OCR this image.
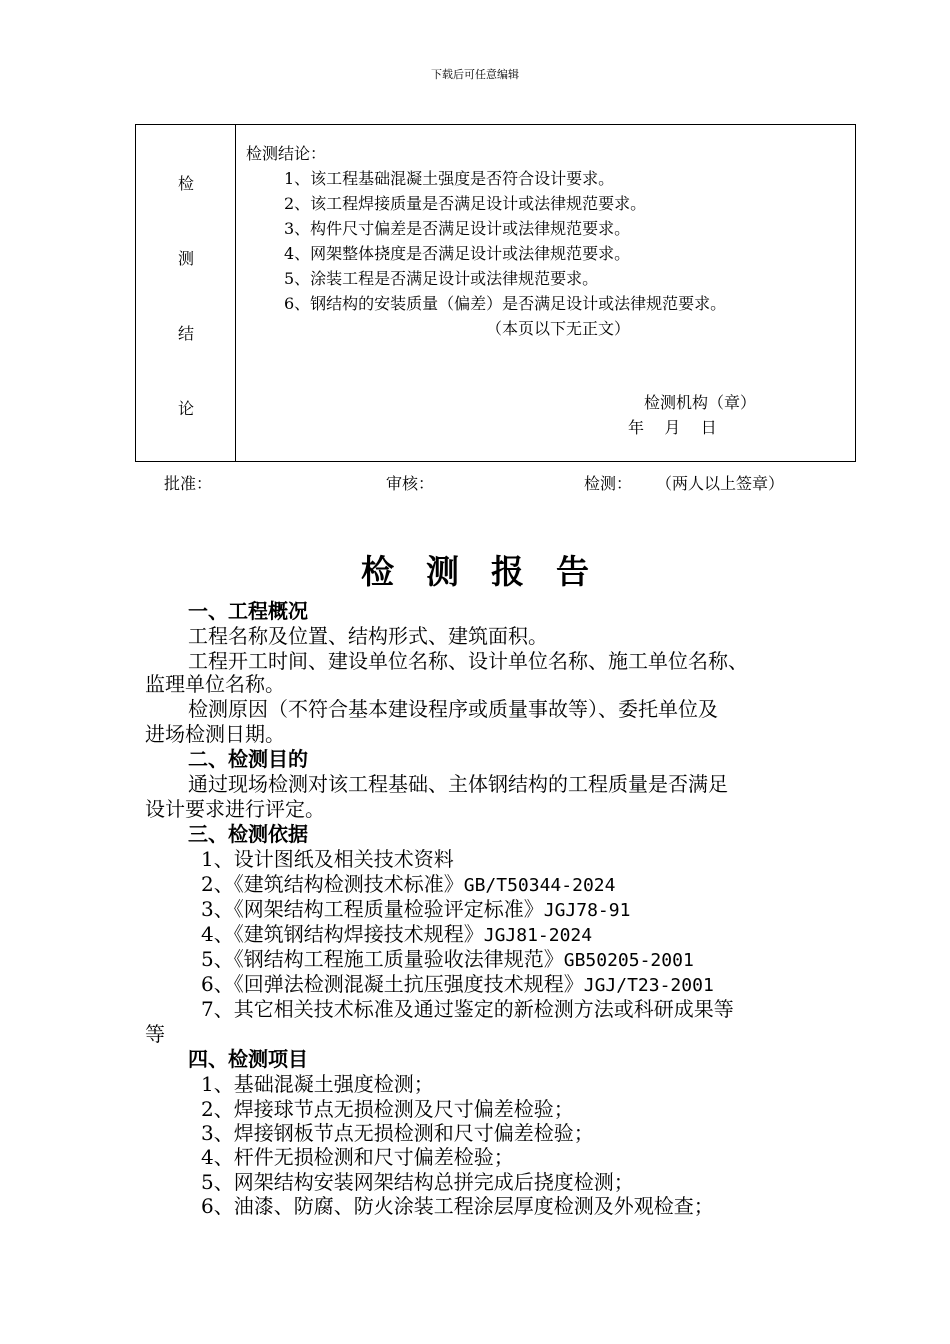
下载后可任意编辑
检
测
结
论
检测结论：
1、该工程基础混凝土强度是否符合设计要求。
2、该工程焊接质量是否满足设计或法律规范要求。
3、构件尺寸偏差是否满足设计或法律规范要求。
4、网架整体挠度是否满足设计或法律规范要求。
5、涂装工程是否满足设计或法律规范要求。
6、钢结构的安装质量（偏差）是否满足设计或法律规范要求。
（本页以下无正文）
检测机构（章）
年    月    日
批准：	审核：	检测： （两人以上签章）
检测报告
一、工程概况
工程名称及位置、结构形式、建筑面积。
工程开工时间、建设单位名称、设计单位名称、施工单位名称、
监理单位名称。
检测原因（不符合基本建设程序或质量事故等）、委托单位及
进场检测日期。
二、检测目的
通过现场检测对该工程基础、主体钢结构的工程质量是否满足
设计要求进行评定。
三、检测依据
1、设计图纸及相关技术资料
2、《建筑结构检测技术标准》GB/T50344-2024
3、《网架结构工程质量检验评定标准》JGJ78-91
4、《建筑钢结构焊接技术规程》JGJ81-2024
5、《钢结构工程施工质量验收法律规范》GB50205-2001
6、《回弹法检测混凝土抗压强度技术规程》JGJ/T23-2001
7、其它相关技术标准及通过鉴定的新检测方法或科研成果等
等
四、检测项目
1、基础混凝土强度检测；
2、焊接球节点无损检测及尺寸偏差检验；
3、焊接钢板节点无损检测和尺寸偏差检验；
4、杆件无损检测和尺寸偏差检验；
5、网架结构安装网架结构总拼完成后挠度检测；
6、油漆、防腐、防火涂装工程涂层厚度检测及外观检查；
